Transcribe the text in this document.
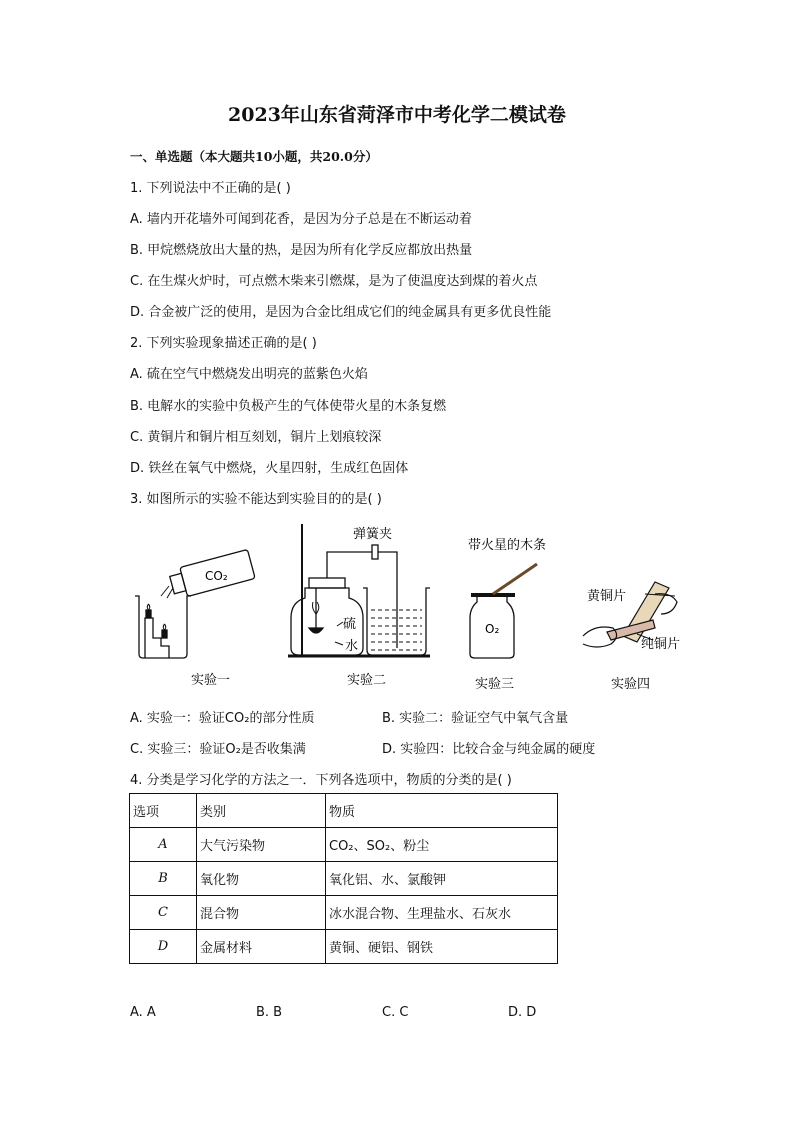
2023年山东省菏泽市中考化学二模试卷
一、单选题（本大题共10小题，共20.0分）
1. 下列说法中不正确的是( )
A. 墙内开花墙外可闻到花香，是因为分子总是在不断运动着
B. 甲烷燃烧放出大量的热，是因为所有化学反应都放出热量
C. 在生煤火炉时，可点燃木柴来引燃煤，是为了使温度达到煤的着火点
D. 合金被广泛的使用，是因为合金比组成它们的纯金属具有更多优良性能
2. 下列实验现象描述正确的是( )
A. 硫在空气中燃烧发出明亮的蓝紫色火焰
B. 电解水的实验中负极产生的气体使带火星的木条复燃
C. 黄铜片和铜片相互刻划，铜片上划痕较深
D. 铁丝在氧气中燃烧，火星四射，生成红色固体
3. 如图所示的实验不能达到实验目的的是( )
CO₂
实验一
弹簧夹
硫
水
实验二
带火星的木条
O₂
实验三
黄铜片
纯铜片
实验四
A. 实验一：验证CO₂的部分性质	B. 实验二：验证空气中氧气含量
C. 实验三：验证O₂是否收集满	D. 实验四：比较合金与纯金属的硬度
4. 分类是学习化学的方法之一．下列各选项中，物质的分类的是( )
选项	类别	物质
A	大气污染物	CO₂、SO₂、粉尘
B	氧化物	氧化铝、水、氯酸钾
C	混合物	冰水混合物、生理盐水、石灰水
D	金属材料	黄铜、硬铝、钢铁
A. A	B. B	C. C	D. D
